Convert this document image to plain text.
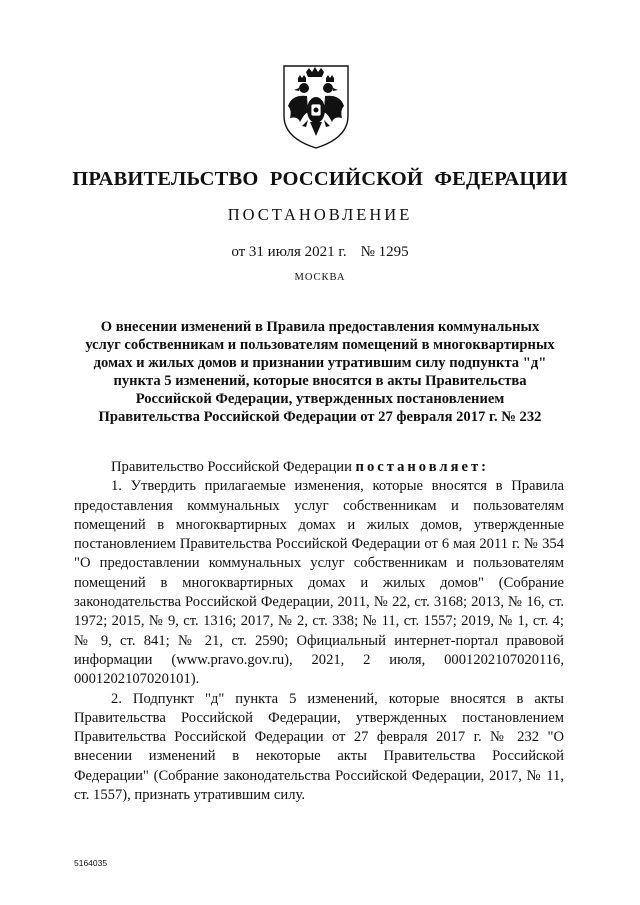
ПРАВИТЕЛЬСТВО РОССИЙСКОЙ ФЕДЕРАЦИИ
ПОСТАНОВЛЕНИЕ
от 31 июля 2021 г. № 1295
МОСКВА
О внесении изменений в Правила предоставления коммунальных
услуг собственникам и пользователям помещений в многоквартирных
домах и жилых домов и признании утратившим силу подпункта "д"
пункта 5 изменений, которые вносятся в акты Правительства
Российской Федерации, утвержденных постановлением
Правительства Российской Федерации от 27 февраля 2017 г. № 232

Правительство Российской Федерации постановляет:

1. Утвердить прилагаемые изменения, которые вносятся в Правила предоставления коммунальных услуг собственникам и пользователям помещений в многоквартирных домах и жилых домов, утвержденные постановлением Правительства Российской Федерации от 6 мая 2011 г. № 354 "О предоставлении коммунальных услуг собственникам и пользователям помещений в многоквартирных домах и жилых домов" (Собрание законодательства Российской Федерации, 2011, № 22, ст. 3168; 2013, № 16, ст. 1972; 2015, № 9, ст. 1316; 2017, № 2, ст. 338; № 11, ст. 1557; 2019, № 1, ст. 4; № 9, ст. 841; № 21, ст. 2590; Официальный интернет-портал правовой информации (www.pravo.gov.ru), 2021, 2 июля, 0001202107020116, 0001202107020101).

2. Подпункт "д" пункта 5 изменений, которые вносятся в акты Правительства Российской Федерации, утвержденных постановлением Правительства Российской Федерации от 27 февраля 2017 г. № 232 "О внесении изменений в некоторые акты Правительства Российской Федерации" (Собрание законодательства Российской Федерации, 2017, № 11, ст. 1557), признать утратившим силу.

5164035
